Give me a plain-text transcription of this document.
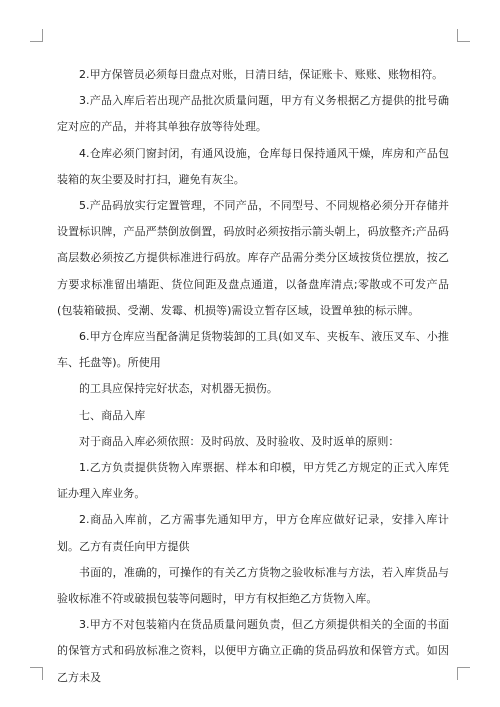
2.甲方保管员必须每日盘点对账，日清日结，保证账卡、账账、账物相符。

3.产品入库后若出现产品批次质量问题，甲方有义务根据乙方提供的批号确定对应的产品，并将其单独存放等待处理。

4.仓库必须门窗封闭，有通风设施，仓库每日保持通风干燥，库房和产品包装箱的灰尘要及时打扫，避免有灰尘。

5.产品码放实行定置管理，不同产品，不同型号、不同规格必须分开存储并设置标识牌，产品严禁倒放倒置，码放时必须按指示箭头朝上，码放整齐;产品码高层数必须按乙方提供标准进行码放。库存产品需分类分区域按货位摆放，按乙方要求标准留出墙距、货位间距及盘点通道，以备盘库清点;零散或不可发产品(包装箱破损、受潮、发霉、机损等)需设立暂存区域，设置单独的标示牌。

6.甲方仓库应当配备满足货物装卸的工具(如叉车、夹板车、液压叉车、小推车、托盘等)。所使用

的工具应保持完好状态，对机器无损伤。

七、商品入库

对于商品入库必须依照：及时码放、及时验收、及时返单的原则：

1.乙方负责提供货物入库票据、样本和印模，甲方凭乙方规定的正式入库凭证办理入库业务。

2.商品入库前，乙方需事先通知甲方，甲方仓库应做好记录，安排入库计划。乙方有责任向甲方提供

书面的，准确的，可操作的有关乙方货物之验收标准与方法，若入库货品与验收标准不符或破损包装等问题时，甲方有权拒绝乙方货物入库。

3.甲方不对包装箱内在货品质量问题负责，但乙方须提供相关的全面的书面的保管方式和码放标准之资料，以便甲方确立正确的货品码放和保管方式。如因乙方未及
